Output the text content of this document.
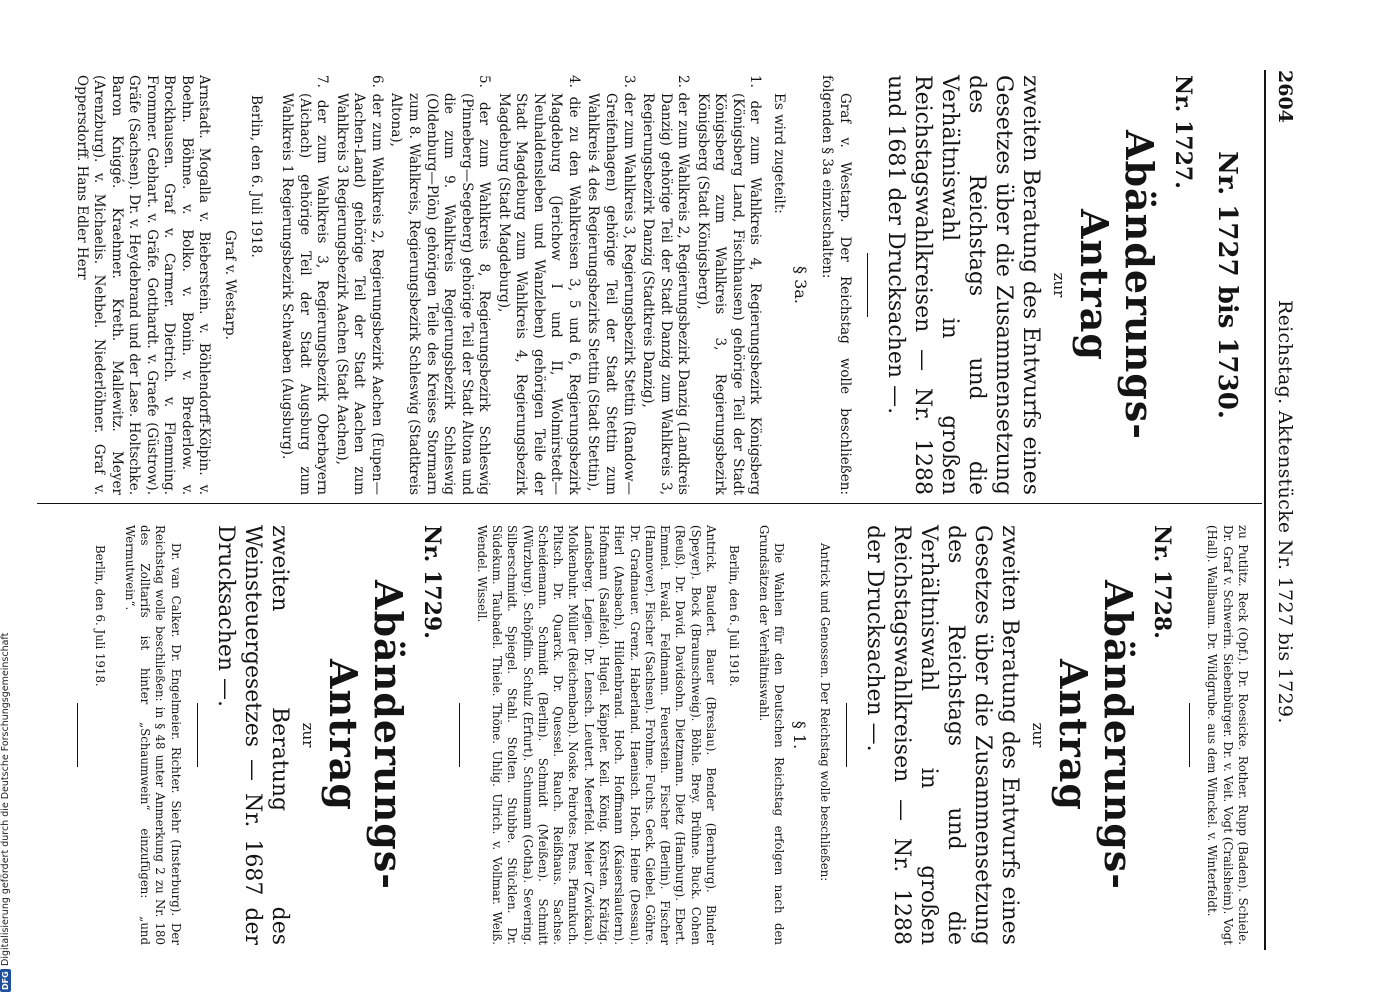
DFG
Digitalisierung gefördert durch die Deutsche Forschungsgemeinschaft
2604
Reichstag. Aktenstücke Nr. 1727 bis 1729.
Nr. 1727 bis 1730.
Nr. 1727.
Abänderungs-Antrag
zur
zweiten Beratung des Entwurfs eines Gesetzes über die Zusammensetzung des Reichstags und die Verhältniswahl in großen Reichstagswahlkreisen — Nr. 1288 und 1681 der Drucksachen —.
Graf v. Westarp. Der Reichstag wolle beschließen: folgenden § 3a einzuschalten:
§ 3a.
Es wird zugeteilt:
1. der zum Wahlkreis 4, Regierungsbezirk Königsberg (Königsberg Land, Fischhausen) gehörige Teil der Stadt Königsberg zum Wahlkreis 3, Regierungsbezirk Königsberg (Stadt Königsberg),
2. der zum Wahlkreis 2, Regierungsbezirk Danzig (Landkreis Danzig) gehörige Teil der Stadt Danzig zum Wahlkreis 3, Regierungsbezirk Danzig (Stadtkreis Danzig),
3. der zum Wahlkreis 3, Regierungsbezirk Stettin (Randow—Greifenhagen) gehörige Teil der Stadt Stettin zum Wahlkreis 4 des Regierungsbezirks Stettin (Stadt Stettin),
4. die zu den Wahlkreisen 3, 5 und 6, Regierungsbezirk Magdeburg (Jerichow I und II, Wolmirstedt—Neuhaldensleben und Wanzleben) gehörigen Teile der Stadt Magdeburg zum Wahlkreis 4, Regierungsbezirk Magdeburg (Stadt Magdeburg),
5. der zum Wahlkreis 8, Regierungsbezirk Schleswig (Pinneberg—Segeberg) gehörige Teil der Stadt Altona und die zum 9. Wahlkreis Regierungsbezirk Schleswig (Oldenburg—Plön) gehörigen Teile des Kreises Stormarn zum 8. Wahlkreis, Regierungsbezirk Schleswig (Stadtkreis Altona),
6. der zum Wahlkreis 2, Regierungsbezirk Aachen (Eupen—Aachen-Land) gehörige Teil der Stadt Aachen zum Wahlkreis 3 Regierungsbezirk Aachen (Stadt Aachen),
7. der zum Wahlkreis 3, Regierungsbezirk Oberbayern (Aichach) gehörige Teil der Stadt Augsburg zum Wahlkreis 1 Regierungsbezirk Schwaben (Augsburg).
Berlin, den 6. Juli 1918.
Graf v. Westarp.
Arnstadt. Mogalla v. Bieberstein. v. Böhlendorff-Kölpin. v. Boehn. Böhme. v. Bolko. v. Bonin. v. Brederlow. v. Brockhausen. Graf v. Carmer. Dietrich. v. Flemming. Frommer. Gebhart. v. Gräfe. Gotthardt. v. Graefe (Güstrow). Gräfe (Sachsen). Dr. v. Heydebrand und der Lase. Holtschke. Baron Kniggé. Kraehmer. Kreth. Mallewitz. Meyer (Arenzburg). v. Michaelis. Nehbel. Niederlöhner. Graf v. Oppersdorff. Hans Edler Herr
zu Putlitz. Reck (Opf.). Dr. Roesicke. Rother. Rupp (Baden). Schiele. Dr. Graf v. Schwerin. Siebenbürger. Dr. v. Veit. Vogt (Crailsheim). Vogt (Hall). Wallbaum. Dr. Wildgrube. aus dem Winckel. v. Winterfeldt.
Nr. 1728.
Abänderungs-Antrag
zur
zweiten Beratung des Entwurfs eines Gesetzes über die Zusammensetzung des Reichstags und die Verhältniswahl in großen Reichstagswahlkreisen — Nr. 1288 der Drucksachen —.
Antrick und Genossen. Der Reichstag wolle beschließen:
§ 1.
Die Wahlen für den Deutschen Reichstag erfolgen nach den Grundsätzen der Verhältniswahl.
Berlin, den 6. Juli 1918.
Antrick. Baudert. Bauer (Breslau). Bender (Bernburg). Binder (Speyer). Bock (Braunschweig). Böhle. Brey. Brühne. Buck. Cohen (Reuß). Dr. David. Davidsohn. Dietzmann. Dietz (Hamburg). Ebert. Emmel. Ewald. Feldmann. Feuerstein. Fischer (Berlin). Fischer (Hannover). Fischer (Sachsen). Frohme. Fuchs. Geck. Giebel. Göhre. Dr. Gradnauer. Grenz. Haberland. Haenisch. Hoch. Heine (Dessau). Hierl (Ansbach). Hildenbrand. Hoch. Hoffmann (Kaiserslautern). Hofmann (Saalfeld). Hugel. Käppler. Keil. König. Körsten. Krätzig. Landsberg. Legien. Dr. Lensch. Leutert. Meerfeld. Meier (Zwickau). Molkenbuhr. Müller (Reichenbach). Noske. Peirotes. Pens. Pfannkuch. Piltsch. Dr. Quarck. Dr. Quessel. Rauch. Reißhaus. Sachse. Scheidemann. Schmidt (Berlin). Schmidt (Meißen). Schmitt (Würzburg). Schöpflin. Schulz (Erfurt). Schumann (Gotha). Severing. Silberschmidt. Spiegel. Stahl. Stolten. Stubbe. Stücklen. Dr. Südekum. Taubadel. Thiele. Thöne. Uhlig. Ulrich. v. Vollmar. Weiß. Wendel. Wissell.
Nr. 1729.
Abänderungs-Antrag
zur
zweiten Beratung des Weinsteuergesetzes — Nr. 1687 der Drucksachen —.
Dr. van Calker. Dr. Engelmeier. Richter. Siehr (Insterburg). Der Reichstag wolle beschließen: in § 48 unter Anmerkung 2 zu Nr. 180 des Zolltarifs ist hinter „Schaumwein“ einzufügen: „und Wermutwein“.
Berlin, den 6. Juli 1918.
